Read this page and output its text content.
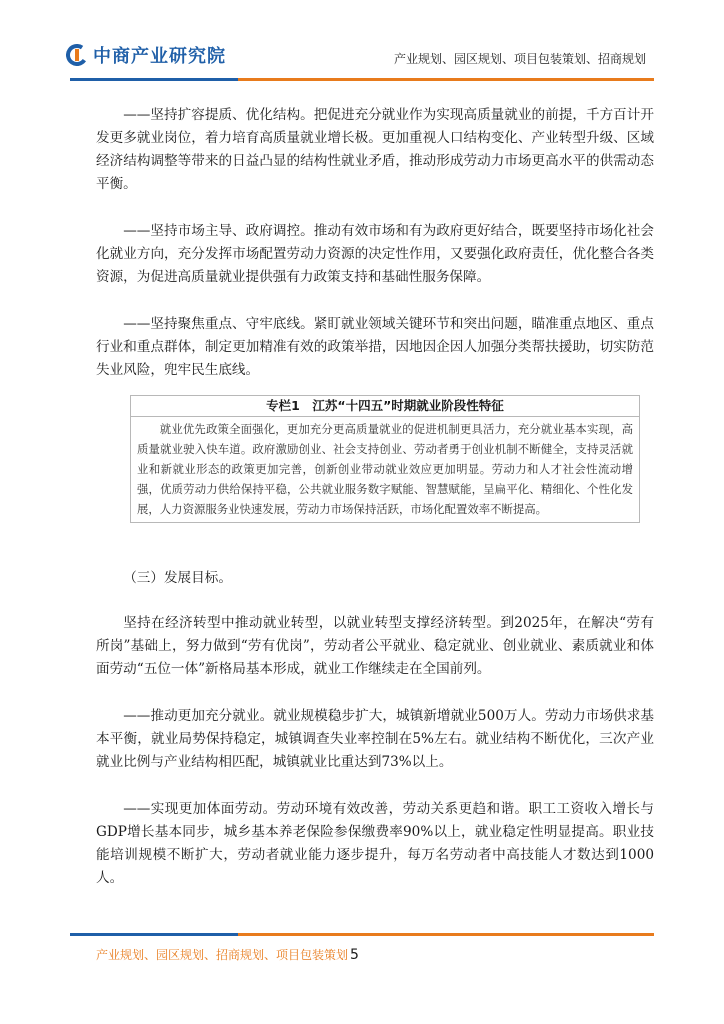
中商产业研究院	产业规划、园区规划、项目包装策划、招商规划

——坚持扩容提质、优化结构。把促进充分就业作为实现高质量就业的前提，千方百计开发更多就业岗位，着力培育高质量就业增长极。更加重视人口结构变化、产业转型升级、区域经济结构调整等带来的日益凸显的结构性就业矛盾，推动形成劳动力市场更高水平的供需动态平衡。

——坚持市场主导、政府调控。推动有效市场和有为政府更好结合，既要坚持市场化社会化就业方向，充分发挥市场配置劳动力资源的决定性作用，又要强化政府责任，优化整合各类资源，为促进高质量就业提供强有力政策支持和基础性服务保障。

——坚持聚焦重点、守牢底线。紧盯就业领域关键环节和突出问题，瞄准重点地区、重点行业和重点群体，制定更加精准有效的政策举措，因地因企因人加强分类帮扶援助，切实防范失业风险，兜牢民生底线。

专栏1　江苏“十四五”时期就业阶段性特征
就业优先政策全面强化，更加充分更高质量就业的促进机制更具活力，充分就业基本实现，高质量就业驶入快车道。政府激励创业、社会支持创业、劳动者勇于创业机制不断健全，支持灵活就业和新就业形态的政策更加完善，创新创业带动就业效应更加明显。劳动力和人才社会性流动增强，优质劳动力供给保持平稳，公共就业服务数字赋能、智慧赋能，呈扁平化、精细化、个性化发展，人力资源服务业快速发展，劳动力市场保持活跃，市场化配置效率不断提高。

（三）发展目标。

坚持在经济转型中推动就业转型，以就业转型支撑经济转型。到2025年，在解决“劳有所岗”基础上，努力做到“劳有优岗”，劳动者公平就业、稳定就业、创业就业、素质就业和体面劳动“五位一体”新格局基本形成，就业工作继续走在全国前列。

——推动更加充分就业。就业规模稳步扩大，城镇新增就业500万人。劳动力市场供求基本平衡，就业局势保持稳定，城镇调查失业率控制在5%左右。就业结构不断优化，三次产业就业比例与产业结构相匹配，城镇就业比重达到73%以上。

——实现更加体面劳动。劳动环境有效改善，劳动关系更趋和谐。职工工资收入增长与GDP增长基本同步，城乡基本养老保险参保缴费率90%以上，就业稳定性明显提高。职业技能培训规模不断扩大，劳动者就业能力逐步提升，每万名劳动者中高技能人才数达到1000人。

产业规划、园区规划、招商规划、项目包装策划 5
